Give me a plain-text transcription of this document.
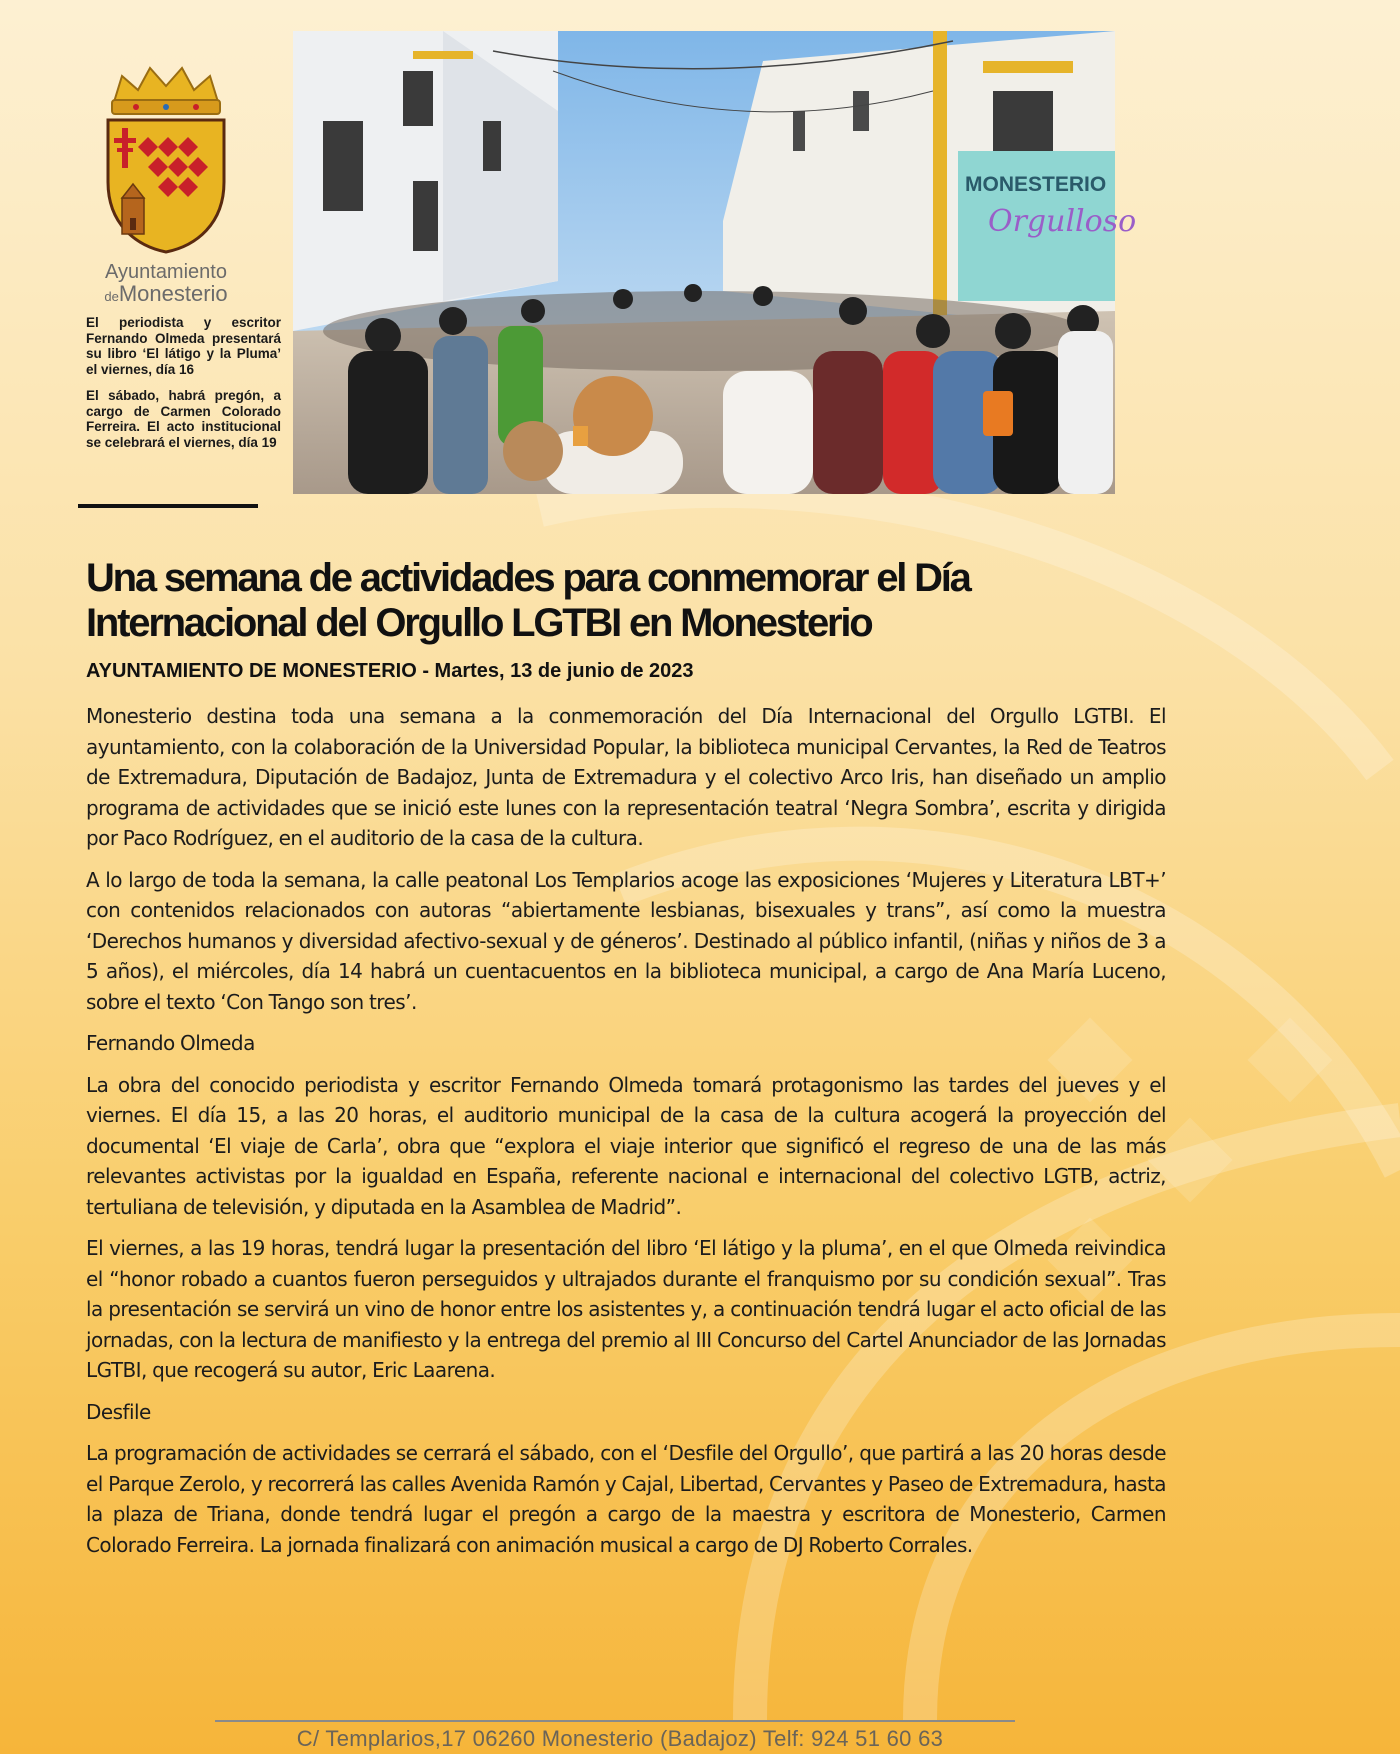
Ayuntamiento
deMonesterio

El periodista y escritor Fernando Olmeda presentará su libro ‘El látigo y la Pluma’ el viernes, día 16

El sábado, habrá pregón, a cargo de Carmen Colorado Ferreira. El acto institucional se celebrará el viernes, día 19

MONESTERIO
Orgulloso
Una semana de actividades para conmemorar el Día Internacional del Orgullo LGTBI en Monesterio

AYUNTAMIENTO DE MONESTERIO - Martes, 13 de junio de 2023

Monesterio destina toda una semana a la conmemoración del Día Internacional del Orgullo LGTBI. El ayuntamiento, con la colaboración de la Universidad Popular, la biblioteca municipal Cervantes, la Red de Teatros de Extremadura, Diputación de Badajoz, Junta de Extremadura y el colectivo Arco Iris, han diseñado un amplio programa de actividades que se inició este lunes con la representación teatral ‘Negra Sombra’, escrita y dirigida por Paco Rodríguez, en el auditorio de la casa de la cultura.

A lo largo de toda la semana, la calle peatonal Los Templarios acoge las exposiciones ‘Mujeres y Literatura LBT+’ con contenidos relacionados con autoras “abiertamente lesbianas, bisexuales y trans”, así como la muestra ‘Derechos humanos y diversidad afectivo-sexual y de géneros’. Destinado al público infantil, (niñas y niños de 3 a 5 años), el miércoles, día 14 habrá un cuentacuentos en la biblioteca municipal, a cargo de Ana María Luceno, sobre el texto ‘Con Tango son tres’.

Fernando Olmeda

La obra del conocido periodista y escritor Fernando Olmeda tomará protagonismo las tardes del jueves y el viernes. El día 15, a las 20 horas, el auditorio municipal de la casa de la cultura acogerá la proyección del documental ‘El viaje de Carla’, obra que “explora el viaje interior que significó el regreso de una de las más relevantes activistas por la igualdad en España, referente nacional e internacional del colectivo LGTB, actriz, tertuliana de televisión, y diputada en la Asamblea de Madrid”.

El viernes, a las 19 horas, tendrá lugar la presentación del libro ‘El látigo y la pluma’, en el que Olmeda reivindica el “honor robado a cuantos fueron perseguidos y ultrajados durante el franquismo por su condición sexual”. Tras la presentación se servirá un vino de honor entre los asistentes y, a continuación tendrá lugar el acto oficial de las jornadas, con la lectura de manifiesto y la entrega del premio al III Concurso del Cartel Anunciador de las Jornadas LGTBI, que recogerá su autor, Eric Laarena.

Desfile

La programación de actividades se cerrará el sábado, con el ‘Desfile del Orgullo’, que partirá a las 20 horas desde el Parque Zerolo, y recorrerá las calles Avenida Ramón y Cajal, Libertad, Cervantes y Paseo de Extremadura, hasta la plaza de Triana, donde tendrá lugar el pregón a cargo de la maestra y escritora de Monesterio, Carmen Colorado Ferreira. La jornada finalizará con animación musical a cargo de DJ Roberto Corrales.

C/ Templarios,17 06260 Monesterio (Badajoz) Telf: 924 51 60 63
